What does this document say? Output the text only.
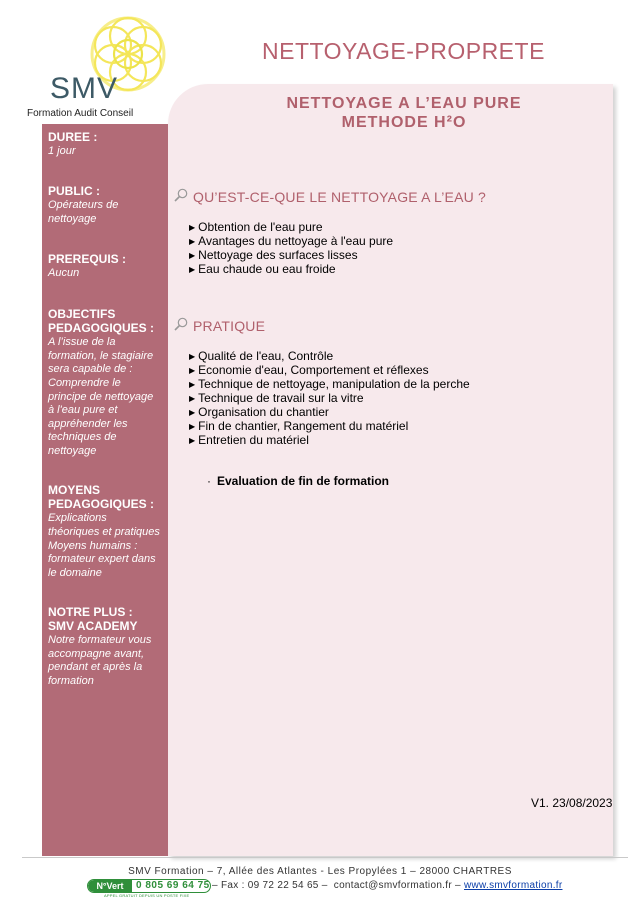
SMV
Formation Audit Conseil
NETTOYAGE-PROPRETE
NETTOYAGE A L’EAU PURE
METHODE H²O
DUREE :
1 jour
PUBLIC :
Opérateurs de
nettoyage
PREREQUIS :
Aucun
OBJECTIFS
PEDAGOGIQUES :
A l’issue de la
formation, le stagiaire
sera capable de :
Comprendre le
principe de nettoyage
à l'eau pure et
appréhender les
techniques de
nettoyage
MOYENS
PEDAGOGIQUES :
Explications
théoriques et pratiques
Moyens humains :
formateur expert dans
le domaine
NOTRE PLUS :
SMV ACADEMY
Notre formateur vous
accompagne avant,
pendant et après la
formation
QU’EST-CE-QUE LE NETTOYAGE A L’EAU ?
▶ Obtention de l'eau pure
▶ Avantages du nettoyage à l'eau pure
▶ Nettoyage des surfaces lisses
▶ Eau chaude ou eau froide
PRATIQUE
▶ Qualité de l'eau, Contrôle
▶ Economie d'eau, Comportement et réflexes
▶ Technique de nettoyage, manipulation de la perche
▶ Technique de travail sur la vitre
▶ Organisation du chantier
▶ Fin de chantier, Rangement du matériel
▶ Entretien du matériel
· Evaluation de fin de formation
V1. 23/08/2023
SMV Formation – 7, Allée des Atlantes - Les Propylées 1 – 28000 CHARTRES
N°Vert	0 805 69 64 75
APPEL GRATUIT DEPUIS UN POSTE FIXE
– Fax : 09 72 22 54 65 –  contact@smvformation.fr – www.smvformation.fr
